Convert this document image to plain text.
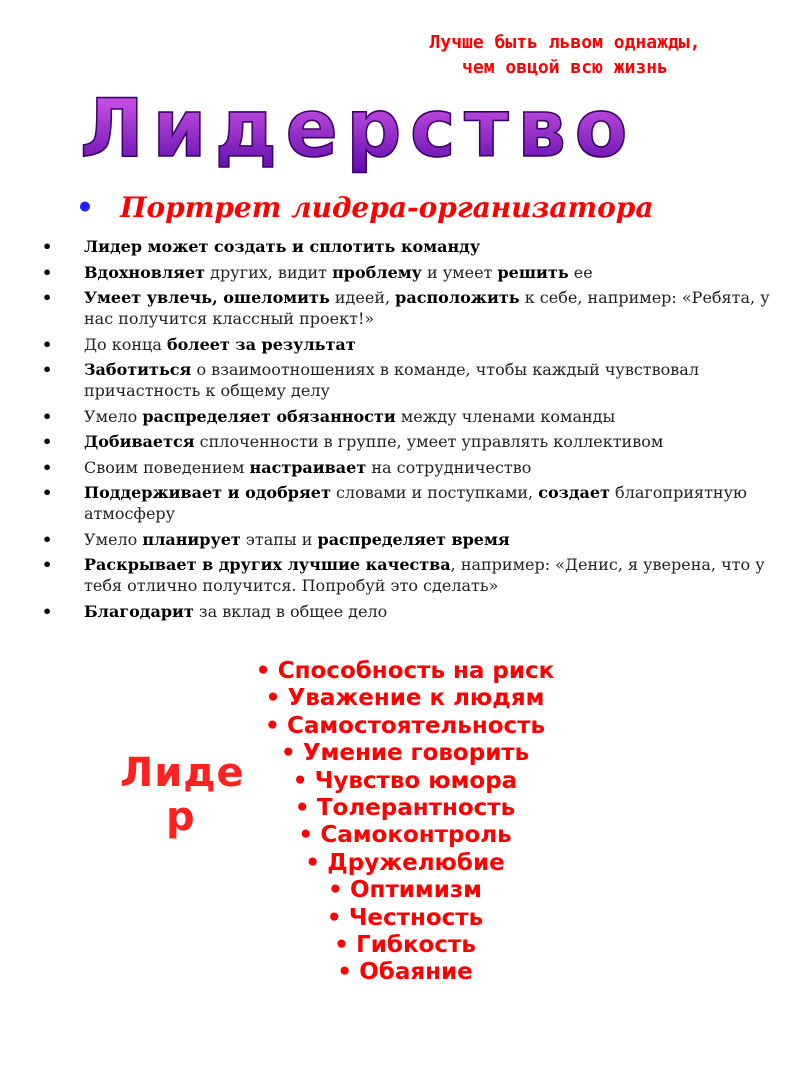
Лучше быть львом однажды,
чем овцой всю жизнь
Лидерство
• Портрет лидера-организатора
• Лидер может создать и сплотить команду
• Вдохновляет других, видит проблему и умеет решить ее
• Умеет увлечь, ошеломить идеей, расположить к себе, например: «Ребята, у нас получится классный проект!»
• До конца болеет за результат
• Заботиться о взаимоотношениях в команде, чтобы каждый чувствовал причастность к общему делу
• Умело распределяет обязанности между членами команды
• Добивается сплоченности в группе, умеет управлять коллективом
• Своим поведением настраивает на сотрудничество
• Поддерживает и одобряет словами и поступками, создает благоприятную атмосферу
• Умело планирует этапы и распределяет время
• Раскрывает в других лучшие качества, например: «Денис, я уверена, что у тебя отлично получится. Попробуй это сделать»
• Благодарит за вклад в общее дело
Лиде
р
• Способность на риск
• Уважение к людям
• Самостоятельность
• Умение говорить
• Чувство юмора
• Толерантность
• Самоконтроль
• Дружелюбие
• Оптимизм
• Честность
• Гибкость
• Обаяние
